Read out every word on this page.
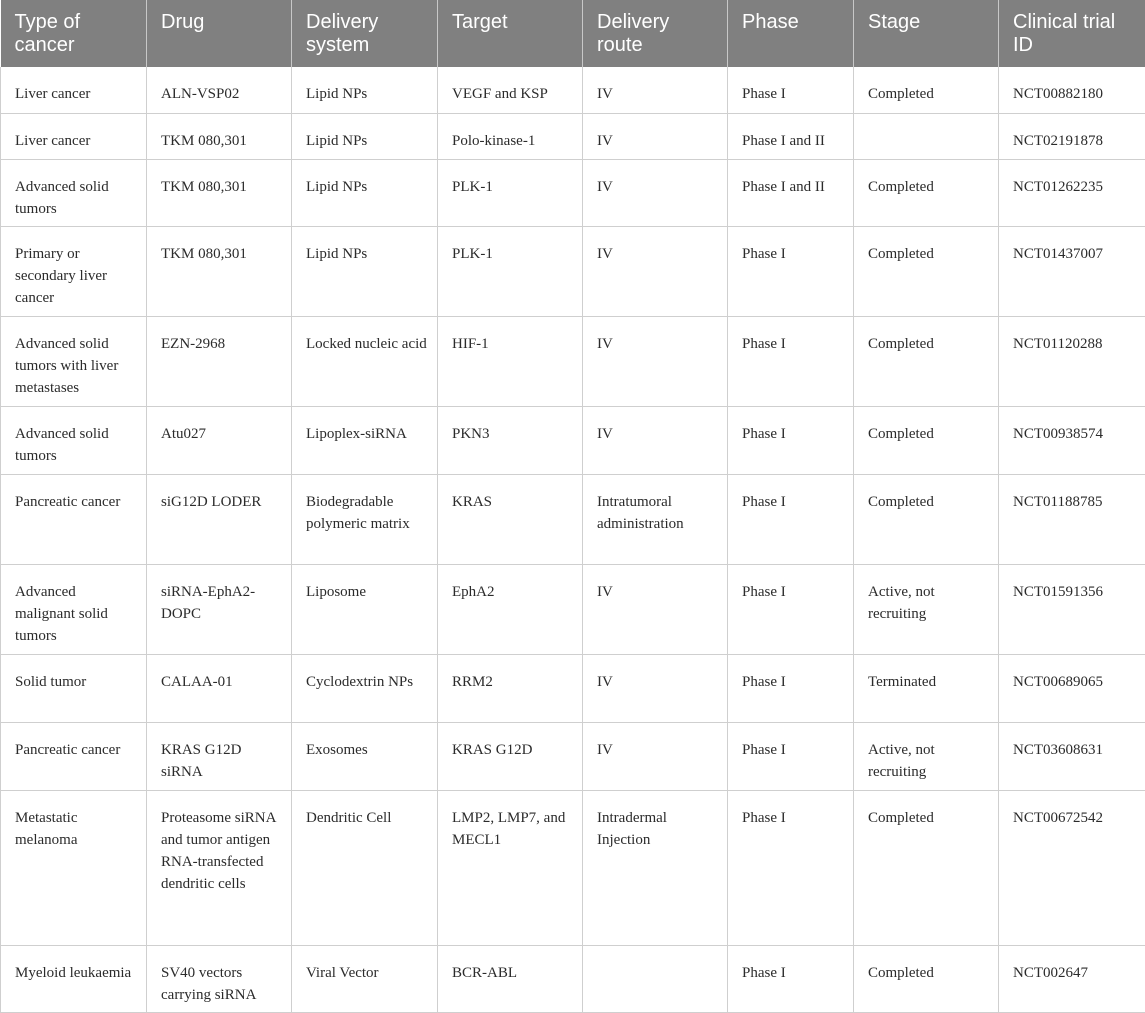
Type of cancer	Drug	Delivery system	Target	Delivery route	Phase	Stage	Clinical trial ID
Liver cancer	ALN-VSP02	Lipid NPs	VEGF and KSP	IV	Phase I	Completed	NCT00882180
Liver cancer	TKM 080,301	Lipid NPs	Polo-kinase-1	IV	Phase I and II		NCT02191878
Advanced solid tumors	TKM 080,301	Lipid NPs	PLK-1	IV	Phase I and II	Completed	NCT01262235
Primary or secondary liver cancer	TKM 080,301	Lipid NPs	PLK-1	IV	Phase I	Completed	NCT01437007
Advanced solid tumors with liver metastases	EZN-2968	Locked nucleic acid	HIF-1	IV	Phase I	Completed	NCT01120288
Advanced solid tumors	Atu027	Lipoplex-siRNA	PKN3	IV	Phase I	Completed	NCT00938574
Pancreatic cancer	siG12D LODER	Biodegradable polymeric matrix	KRAS	Intratumoral administration	Phase I	Completed	NCT01188785
Advanced malignant solid tumors	siRNA-EphA2-DOPC	Liposome	EphA2	IV	Phase I	Active, not recruiting	NCT01591356
Solid tumor	CALAA-01	Cyclodextrin NPs	RRM2	IV	Phase I	Terminated	NCT00689065
Pancreatic cancer	KRAS G12D siRNA	Exosomes	KRAS G12D	IV	Phase I	Active, not recruiting	NCT03608631
Metastatic melanoma	Proteasome siRNA and tumor antigen RNA-transfected dendritic cells	Dendritic Cell	LMP2, LMP7, and MECL1	Intradermal Injection	Phase I	Completed	NCT00672542
Myeloid leukaemia	SV40 vectors carrying siRNA	Viral Vector	BCR-ABL		Phase I	Completed	NCT002647
